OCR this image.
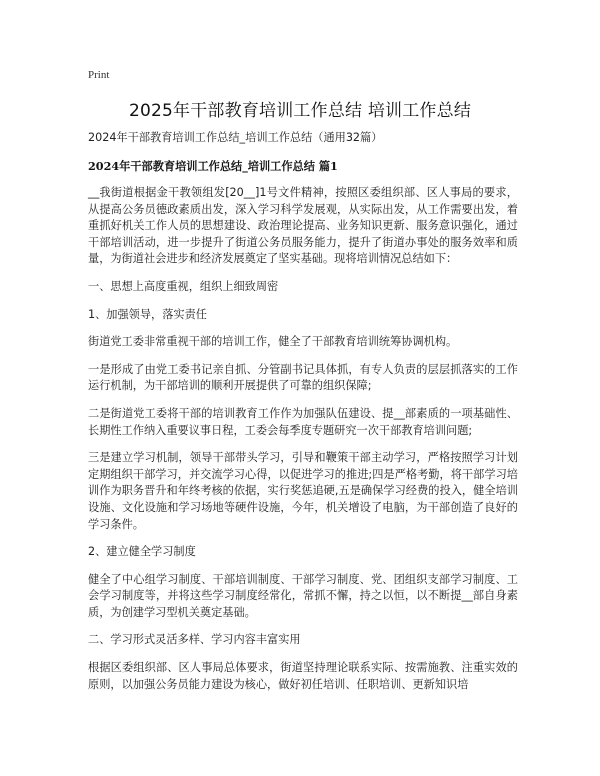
Print
2025年干部教育培训工作总结 培训工作总结
2024年干部教育培训工作总结_培训工作总结（通用32篇）
2024年干部教育培训工作总结_培训工作总结 篇1

__我街道根据金干教领组发[20__]1号文件精神，按照区委组织部、区人事局的要求，从提高公务员德政素质出发，深入学习科学发展观，从实际出发，从工作需要出发，着重抓好机关工作人员的思想建设、政治理论提高、业务知识更新、服务意识强化，通过干部培训活动，进一步提升了街道公务员服务能力，提升了街道办事处的服务效率和质量，为街道社会进步和经济发展奠定了坚实基础。现将培训情况总结如下：

一、思想上高度重视，组织上细致周密

1、加强领导，落实责任

街道党工委非常重视干部的培训工作，健全了干部教育培训统筹协调机构。

一是形成了由党工委书记亲自抓、分管副书记具体抓，有专人负责的层层抓落实的工作运行机制，为干部培训的顺利开展提供了可靠的组织保障;

二是街道党工委将干部的培训教育工作作为加强队伍建设、提__部素质的一项基础性、长期性工作纳入重要议事日程，工委会每季度专题研究一次干部教育培训问题;

三是建立学习机制，领导干部带头学习，引导和鞭策干部主动学习，严格按照学习计划定期组织干部学习，并交流学习心得，以促进学习的推进;四是严格考勤，将干部学习培训作为职务晋升和年终考核的依据，实行奖惩追硬,五是确保学习经费的投入，健全培训设施、文化设施和学习场地等硬件设施，今年，机关增设了电脑，为干部创造了良好的学习条件。

2、建立健全学习制度

健全了中心组学习制度、干部培训制度、干部学习制度、党、团组织支部学习制度、工会学习制度等，并将这些学习制度经常化，常抓不懈，持之以恒，以不断提__部自身素质，为创建学习型机关奠定基础。

二、学习形式灵活多样、学习内容丰富实用

根据区委组织部、区人事局总体要求，街道坚持理论联系实际、按需施教、注重实效的原则，以加强公务员能力建设为核心，做好初任培训、任职培训、更新知识培
